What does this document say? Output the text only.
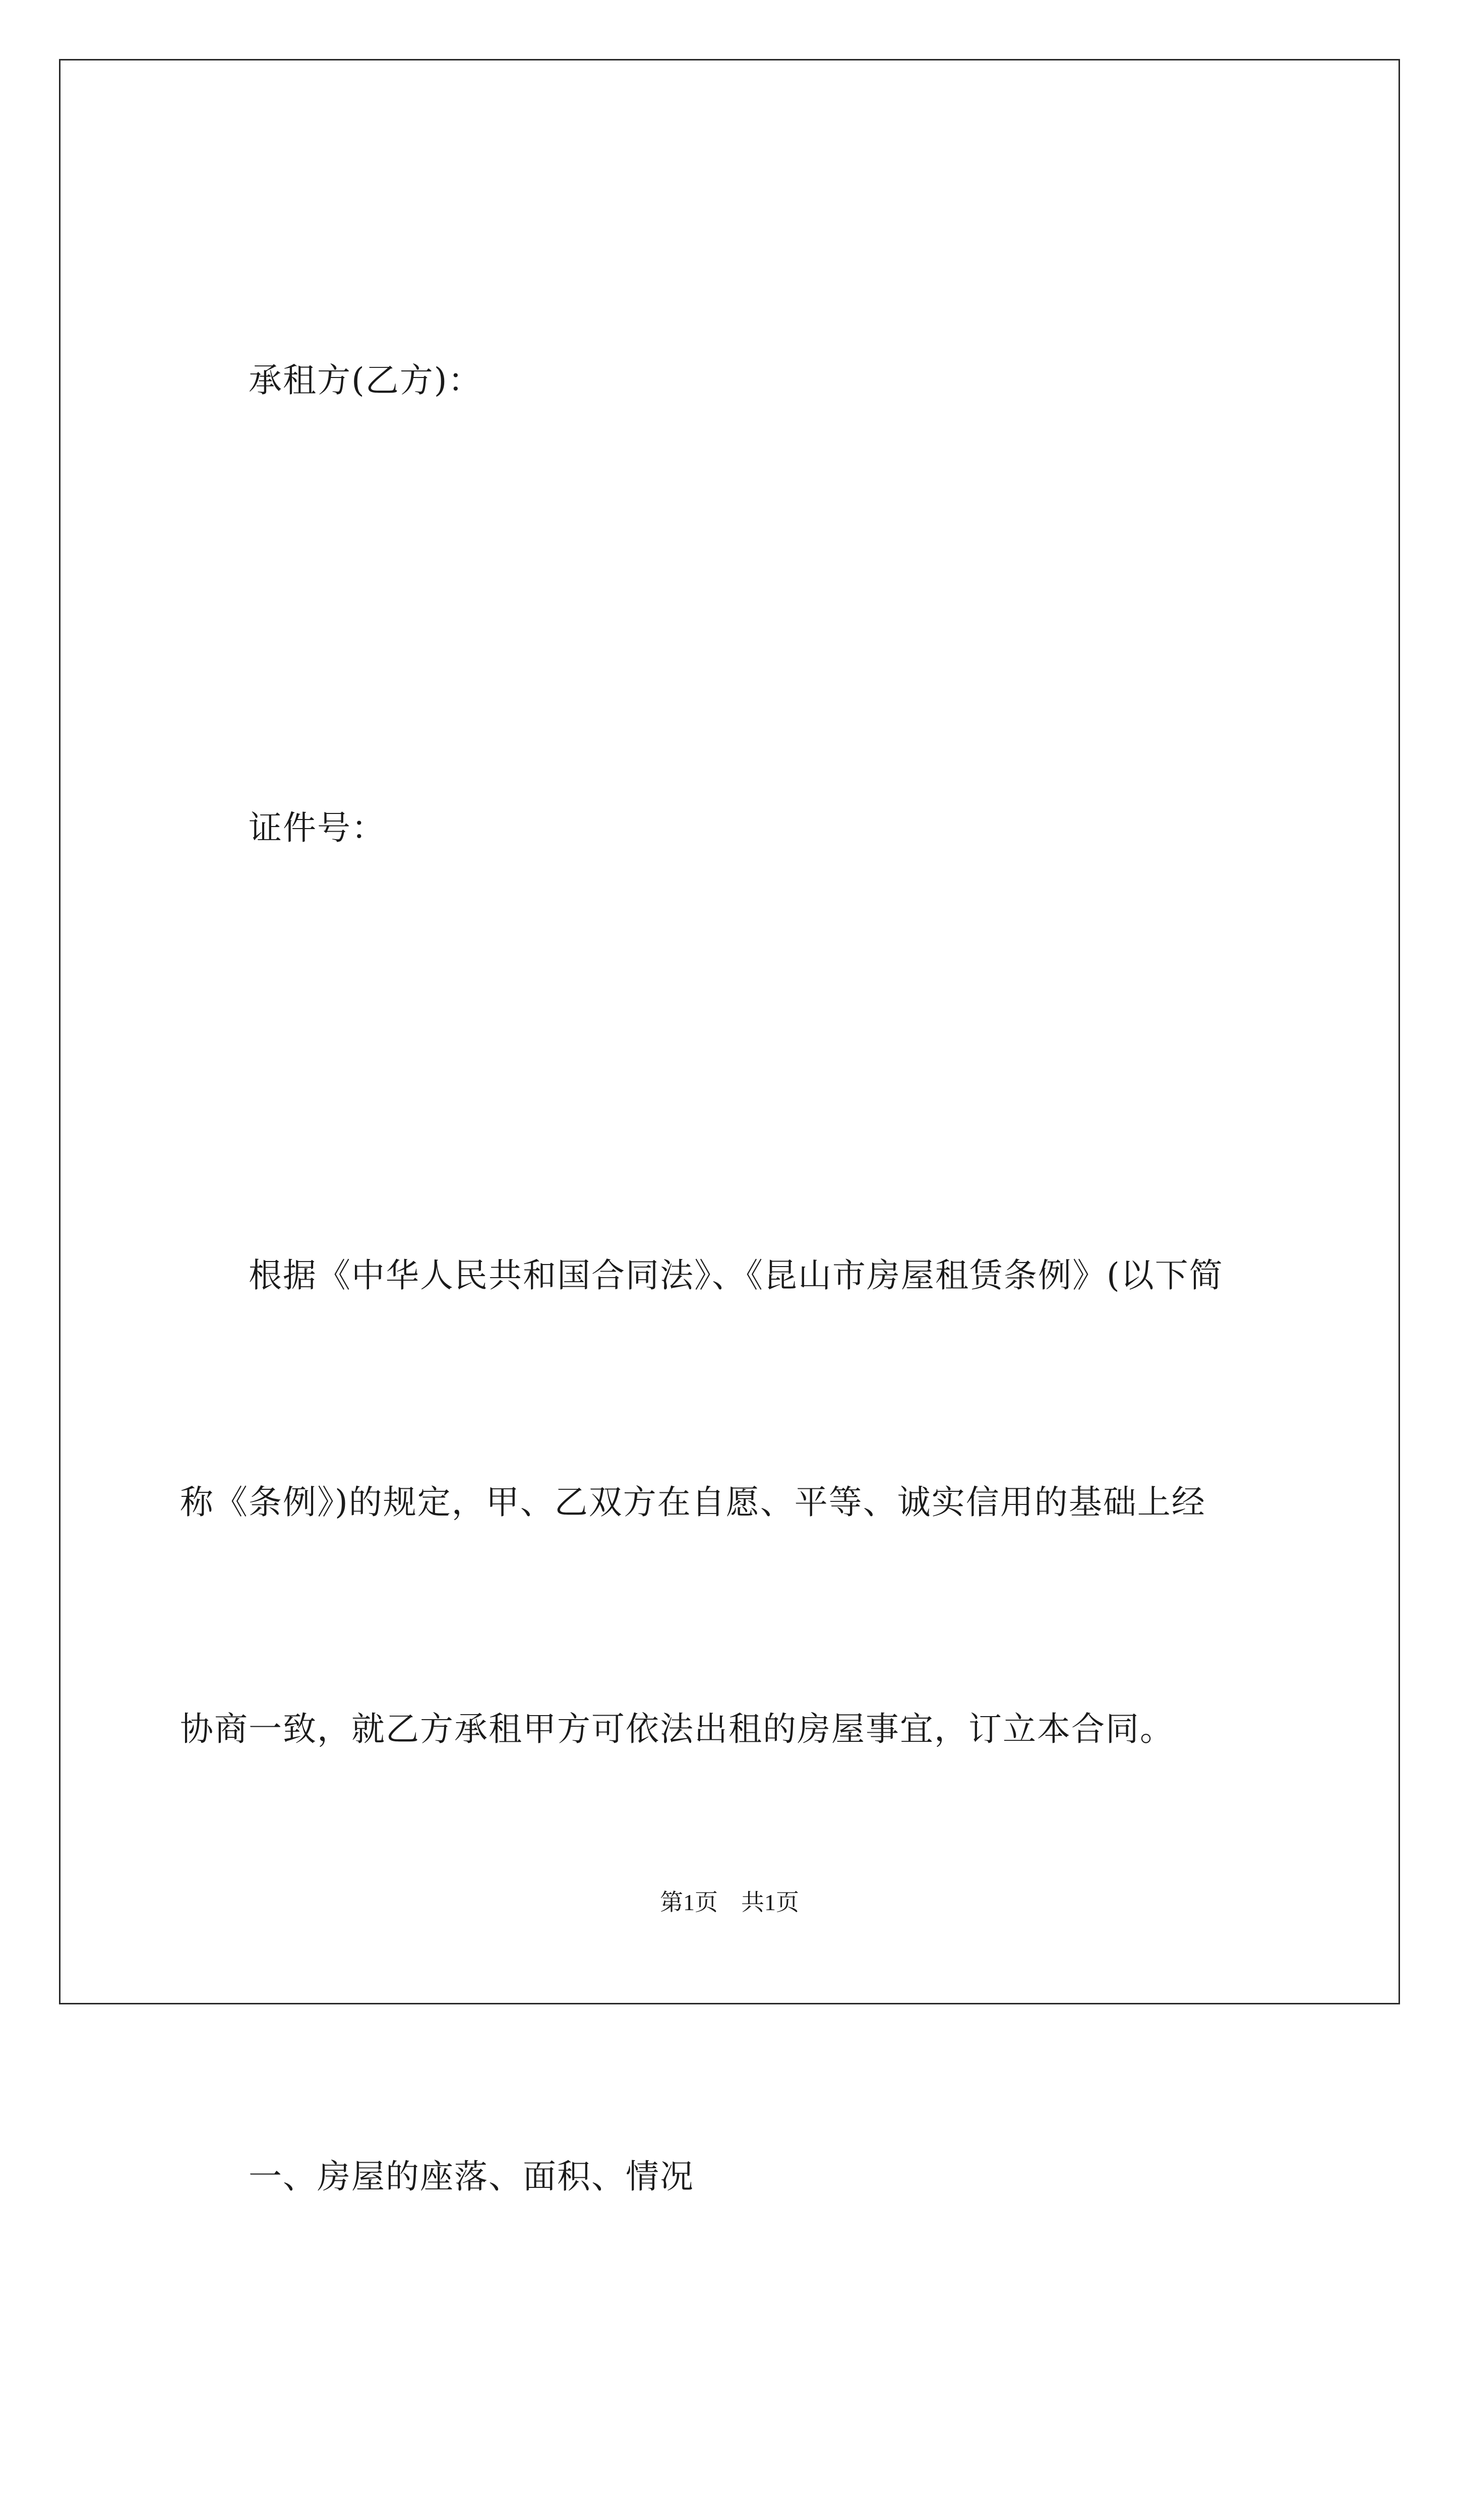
　　承租方(乙方)：

　　证件号：

　　根据《中华人民共和国合同法》、《昆山市房屋租赁条例》(以下简

称《条例》)的规定，甲、乙双方在自愿、平等、诚实信用的基础上经

协商一致，就乙方承租甲方可依法出租的房屋事宜，订立本合同。

　　一、房屋的座落、面积、情况

第1页　共1页
